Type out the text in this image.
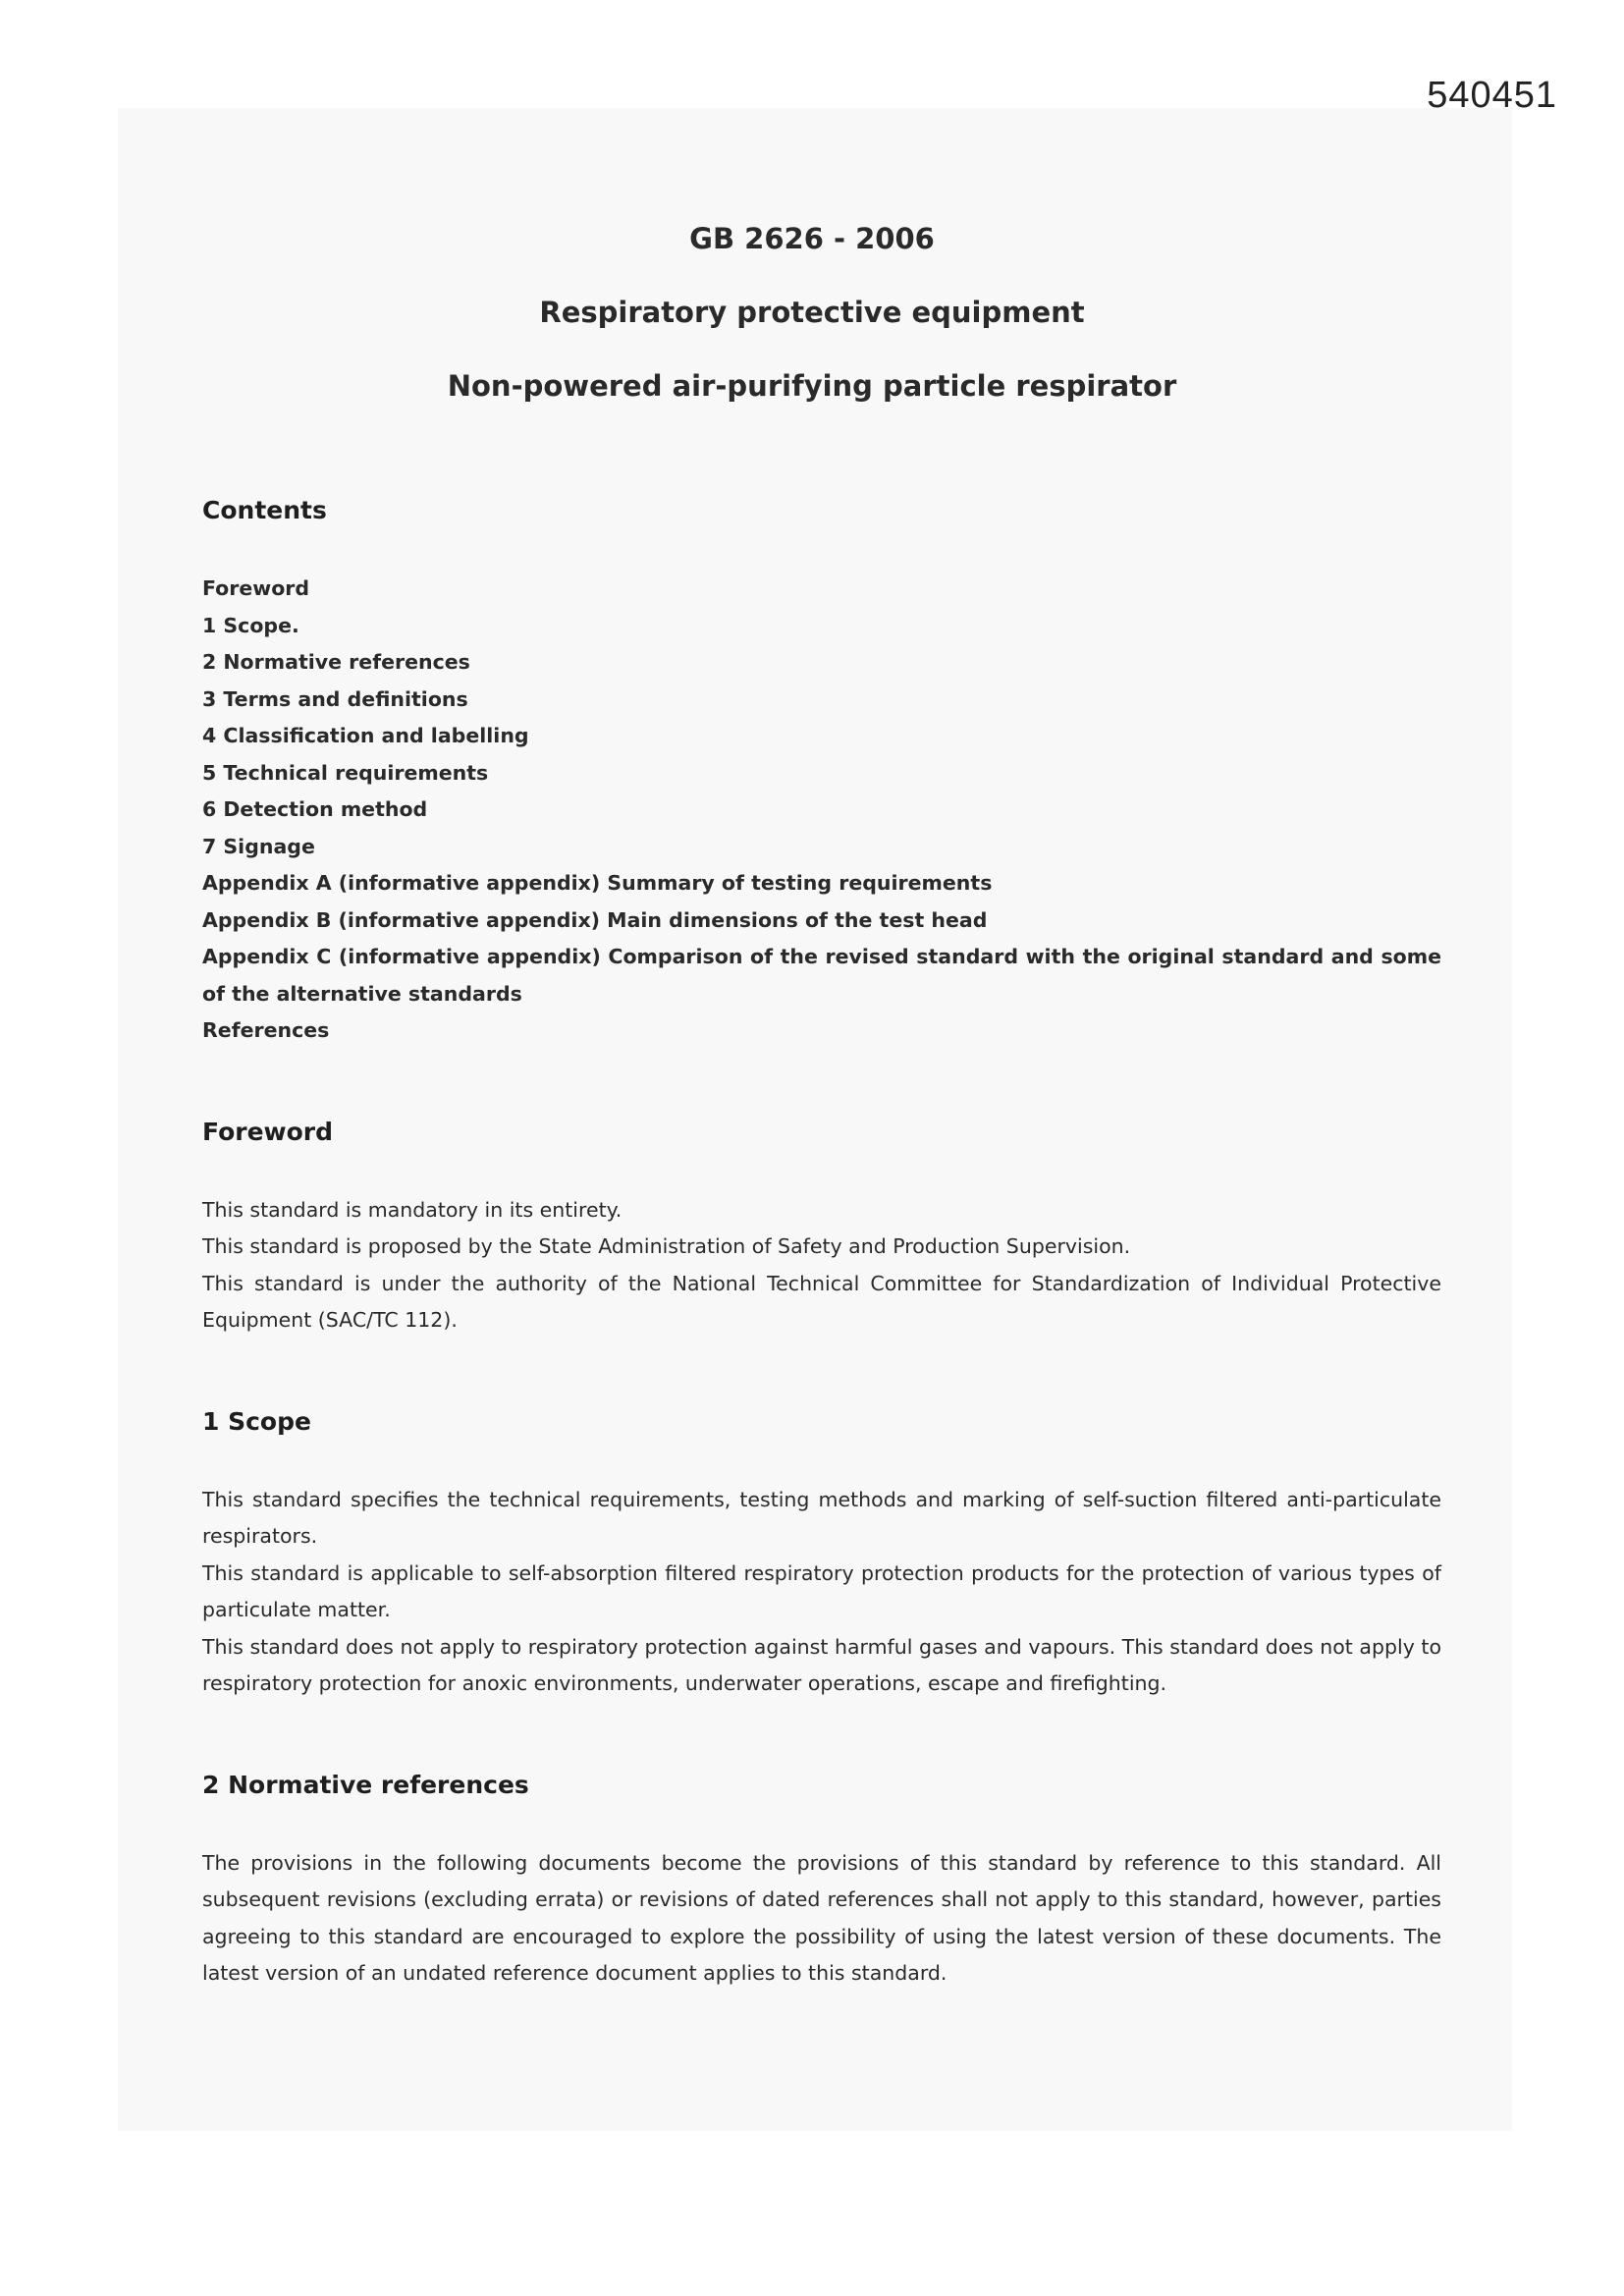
540451
GB 2626 - 2006
Respiratory protective equipment
Non-powered air-purifying particle respirator
Contents
Foreword
1 Scope.
2 Normative references
3 Terms and definitions
4 Classification and labelling
5 Technical requirements
6 Detection method
7 Signage
Appendix A (informative appendix) Summary of testing requirements
Appendix B (informative appendix) Main dimensions of the test head
Appendix C (informative appendix) Comparison of the revised standard with the original standard and some of the alternative standards
References
Foreword

This standard is mandatory in its entirety.

This standard is proposed by the State Administration of Safety and Production Supervision.

This standard is under the authority of the National Technical Committee for Standardization of Individual Protective Equipment (SAC/TC 112).

1 Scope

This standard specifies the technical requirements, testing methods and marking of self-suction filtered anti-particulate respirators.

This standard is applicable to self-absorption filtered respiratory protection products for the protection of various types of particulate matter.

This standard does not apply to respiratory protection against harmful gases and vapours. This standard does not apply to respiratory protection for anoxic environments, underwater operations, escape and firefighting.

2 Normative references

The provisions in the following documents become the provisions of this standard by reference to this standard. All subsequent revisions (excluding errata) or revisions of dated references shall not apply to this standard, however, parties agreeing to this standard are encouraged to explore the possibility of using the latest version of these documents. The latest version of an undated reference document applies to this standard.
